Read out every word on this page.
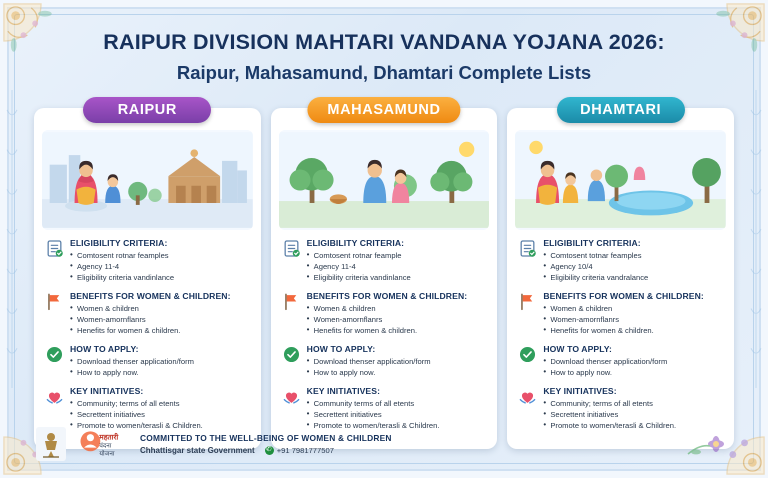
RAIPUR DIVISION MAHTARI VANDANA YOJANA 2026:
Raipur, Mahasamund, Dhamtari Complete Lists
RAIPUR
ELIGIBILITY CRITERIA:
• Comtosent rotnar feamples
• Agency 11-4
• Eligibility criteria vandinlance
BENEFITS FOR WOMEN & CHILDREN:
• Women & children
• Women-amornflanrs
• Henefits for women & children.
HOW TO APPLY:
• Download thenser application/form
• How to apply now.
KEY INITIATIVES:
• Community; terms of all etents
• Secrettent initiatives
• Promote to women/terasli & Children.
MAHASAMUND
ELIGIBILITY CRITERIA:
• Comtosent rotnar feample
• Agency 11-4
• Eligibility criteria vandinlance
BENEFITS FOR WOMEN & CHILDREN:
• Women & children
• Women-amornflanrs
• Henefits for women & children.
HOW TO APPLY:
• Download thenser application/form
• How to apply now.
KEY INITIATIVES:
• Community terms of all etents
• Secrettent initiatives
• Promote to women/terasli & Children.
DHAMTARI
ELIGIBILITY CRITERIA:
• Comtosent totnar feamples
• Agency 10/4
• Eligibility criteria vandralance
BENEFITS FOR WOMEN & CHILDREN:
• Women & children
• Women-amornflanrs
• Henefits for women & children.
HOW TO APPLY:
• Download thenser application/form
• How to apply now.
KEY INITIATIVES:
• Community; terms of all etents
• Secrettent initiatives
• Promote to women/terasli & Children.
महतारी
वंदना
योजना
COMMITTED TO THE WELL-BEING OF WOMEN & CHILDREN
Chhattisgar state Government ✆	+91 7981777507
